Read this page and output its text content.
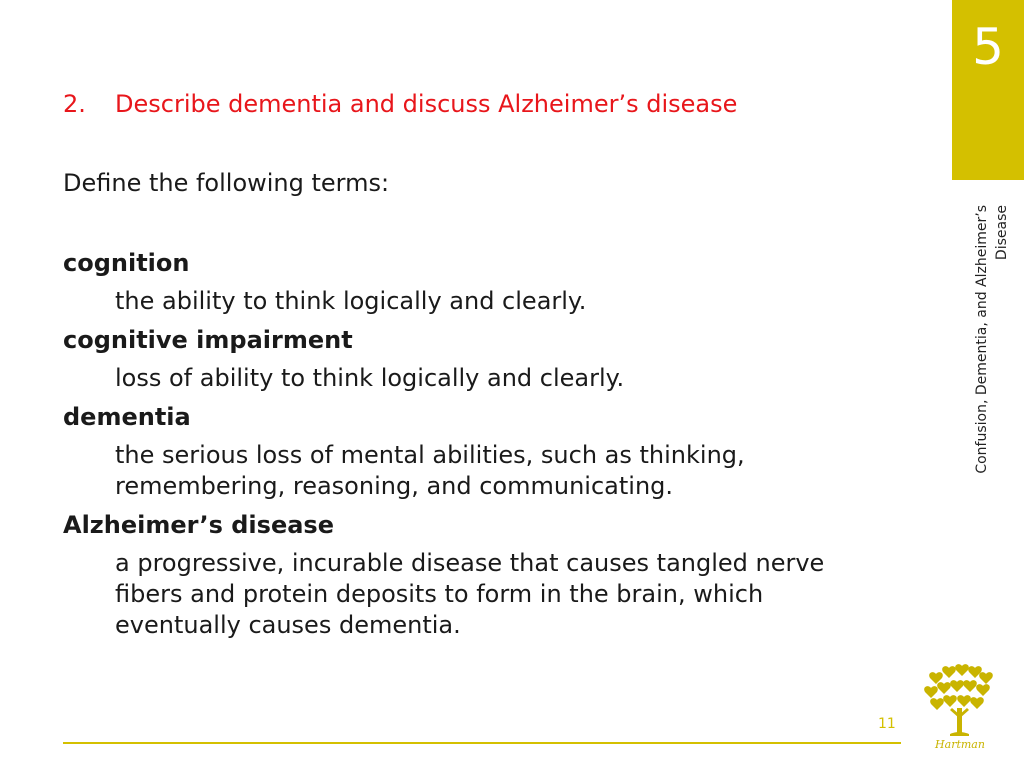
5
Confusion, Dementia, and Alzheimer’s Disease
2. Describe dementia and discuss Alzheimer’s disease
Define the following terms:
cognition
the ability to think logically and clearly.
cognitive impairment
loss of ability to think logically and clearly.
dementia
the serious loss of mental abilities, such as thinking,
remembering, reasoning, and communicating.
Alzheimer’s disease
a progressive, incurable disease that causes tangled nerve
fibers and protein deposits to form in the brain, which
eventually causes dementia.
11
Hartman
